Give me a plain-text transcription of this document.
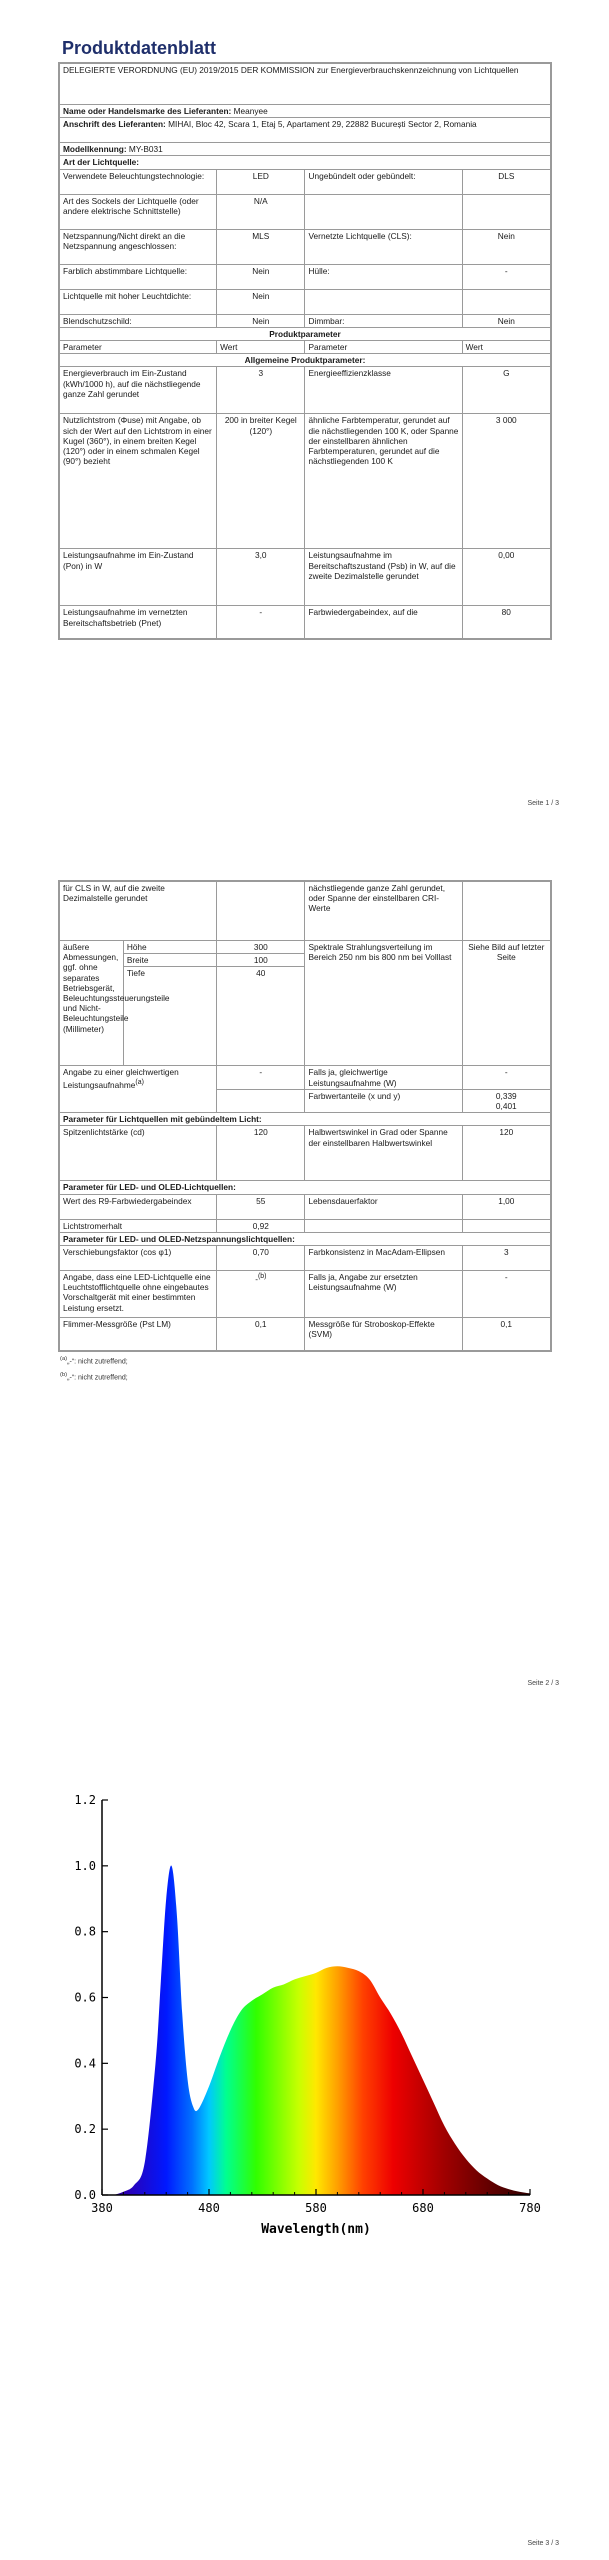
Produktdatenblatt
DELEGIERTE VERORDNUNG (EU) 2019/2015 DER KOMMISSION zur Energieverbrauchskennzeichnung von Lichtquellen			
Name oder Handelsmarke des Lieferanten: Meanyee			
Anschrift des Lieferanten: MIHAI, Bloc 42, Scara 1, Etaj 5, Apartament 29, 22882 București Sector 2, Romania			
Modellkennung: MY-B031			
Art der Lichtquelle:			
Verwendete Beleuchtungstechnologie:	LED	Ungebündelt oder gebündelt:	DLS
Art des Sockels der Lichtquelle (oder andere elektrische Schnittstelle)	N/A		
Netzspannung/Nicht direkt an die Netzspannung angeschlossen:	MLS	Vernetzte Lichtquelle (CLS):	Nein
Farblich abstimmbare Lichtquelle:	Nein	Hülle:	-
Lichtquelle mit hoher Leuchtdichte:	Nein		
Blendschutzschild:	Nein	Dimmbar:	Nein
Produktparameter			
Parameter	Wert	Parameter	Wert
Allgemeine Produktparameter:			
Energieverbrauch im Ein-Zustand (kWh/1000 h), auf die nächstliegende ganze Zahl gerundet	3	Energieeffizienzklasse	G
Nutzlichtstrom (Φuse) mit Angabe, ob sich der Wert auf den Lichtstrom in einer Kugel (360°), in einem breiten Kegel (120°) oder in einem schmalen Kegel (90°) bezieht	200 in breiter Kegel (120°)	ähnliche Farbtemperatur, gerundet auf die nächstliegenden 100 K, oder Spanne der einstellbaren ähnlichen Farbtemperaturen, gerundet auf die nächstliegenden 100 K	3 000
Leistungsaufnahme im Ein-Zustand (Pon) in W	3,0	Leistungsaufnahme im Bereitschaftszustand (Psb) in W, auf die zweite Dezimalstelle gerundet	0,00
Leistungsaufnahme im vernetzten Bereitschaftsbetrieb (Pnet)	-	Farbwiedergabeindex, auf die	80
Seite 1 / 3
für CLS in W, auf die zweite Dezimalstelle gerundet			nächstliegende ganze Zahl gerundet, oder Spanne der einstellbaren CRI-Werte	
äußere Abmessungen, ggf. ohne separates Betriebsgerät, Beleuchtungssteuerungsteile und Nicht-Beleuchtungsteile (Millimeter)	Höhe	300	Spektrale Strahlungsverteilung im Bereich 250 nm bis 800 nm bei Volllast	Siehe Bild auf letzter Seite
	Breite	100		
	Tiefe	40		
Angabe zu einer gleichwertigen Leistungsaufnahme$^{(a)}$		-	Falls ja, gleichwertige Leistungsaufnahme (W)	-
			Farbwertanteile (x und y)	0,339
0,401
Parameter für Lichtquellen mit gebündeltem Licht:				
Spitzenlichtstärke (cd)		120	Halbwertswinkel in Grad oder Spanne der einstellbaren Halbwertswinkel	120
Parameter für LED- und OLED-Lichtquellen:				
Wert des R9-Farbwiedergabeindex		55	Lebensdauerfaktor	1,00
Lichtstromerhalt		0,92		
Parameter für LED- und OLED-Netzspannungslichtquellen:				
Verschiebungsfaktor (cos φ1)		0,70	Farbkonsistenz in MacAdam-Ellipsen	3
Angabe, dass eine LED-Lichtquelle eine Leuchtstofflichtquelle ohne eingebautes Vorschaltgerät mit einer bestimmten Leistung ersetzt.		-$^{(b)}$	Falls ja, Angabe zur ersetzten Leistungsaufnahme (W)	-
Flimmer-Messgröße (Pst LM)		0,1	Messgröße für Stroboskop-Effekte (SVM)	0,1
$^{(a)}$„-“: nicht zutreffend;
$^{(b)}$„-“: nicht zutreffend;
Seite 2 / 3
0.0
0.2
0.4
0.6
0.8
1.0
1.2
380	480	580	680	780
Wavelength(nm)
Seite 3 / 3
